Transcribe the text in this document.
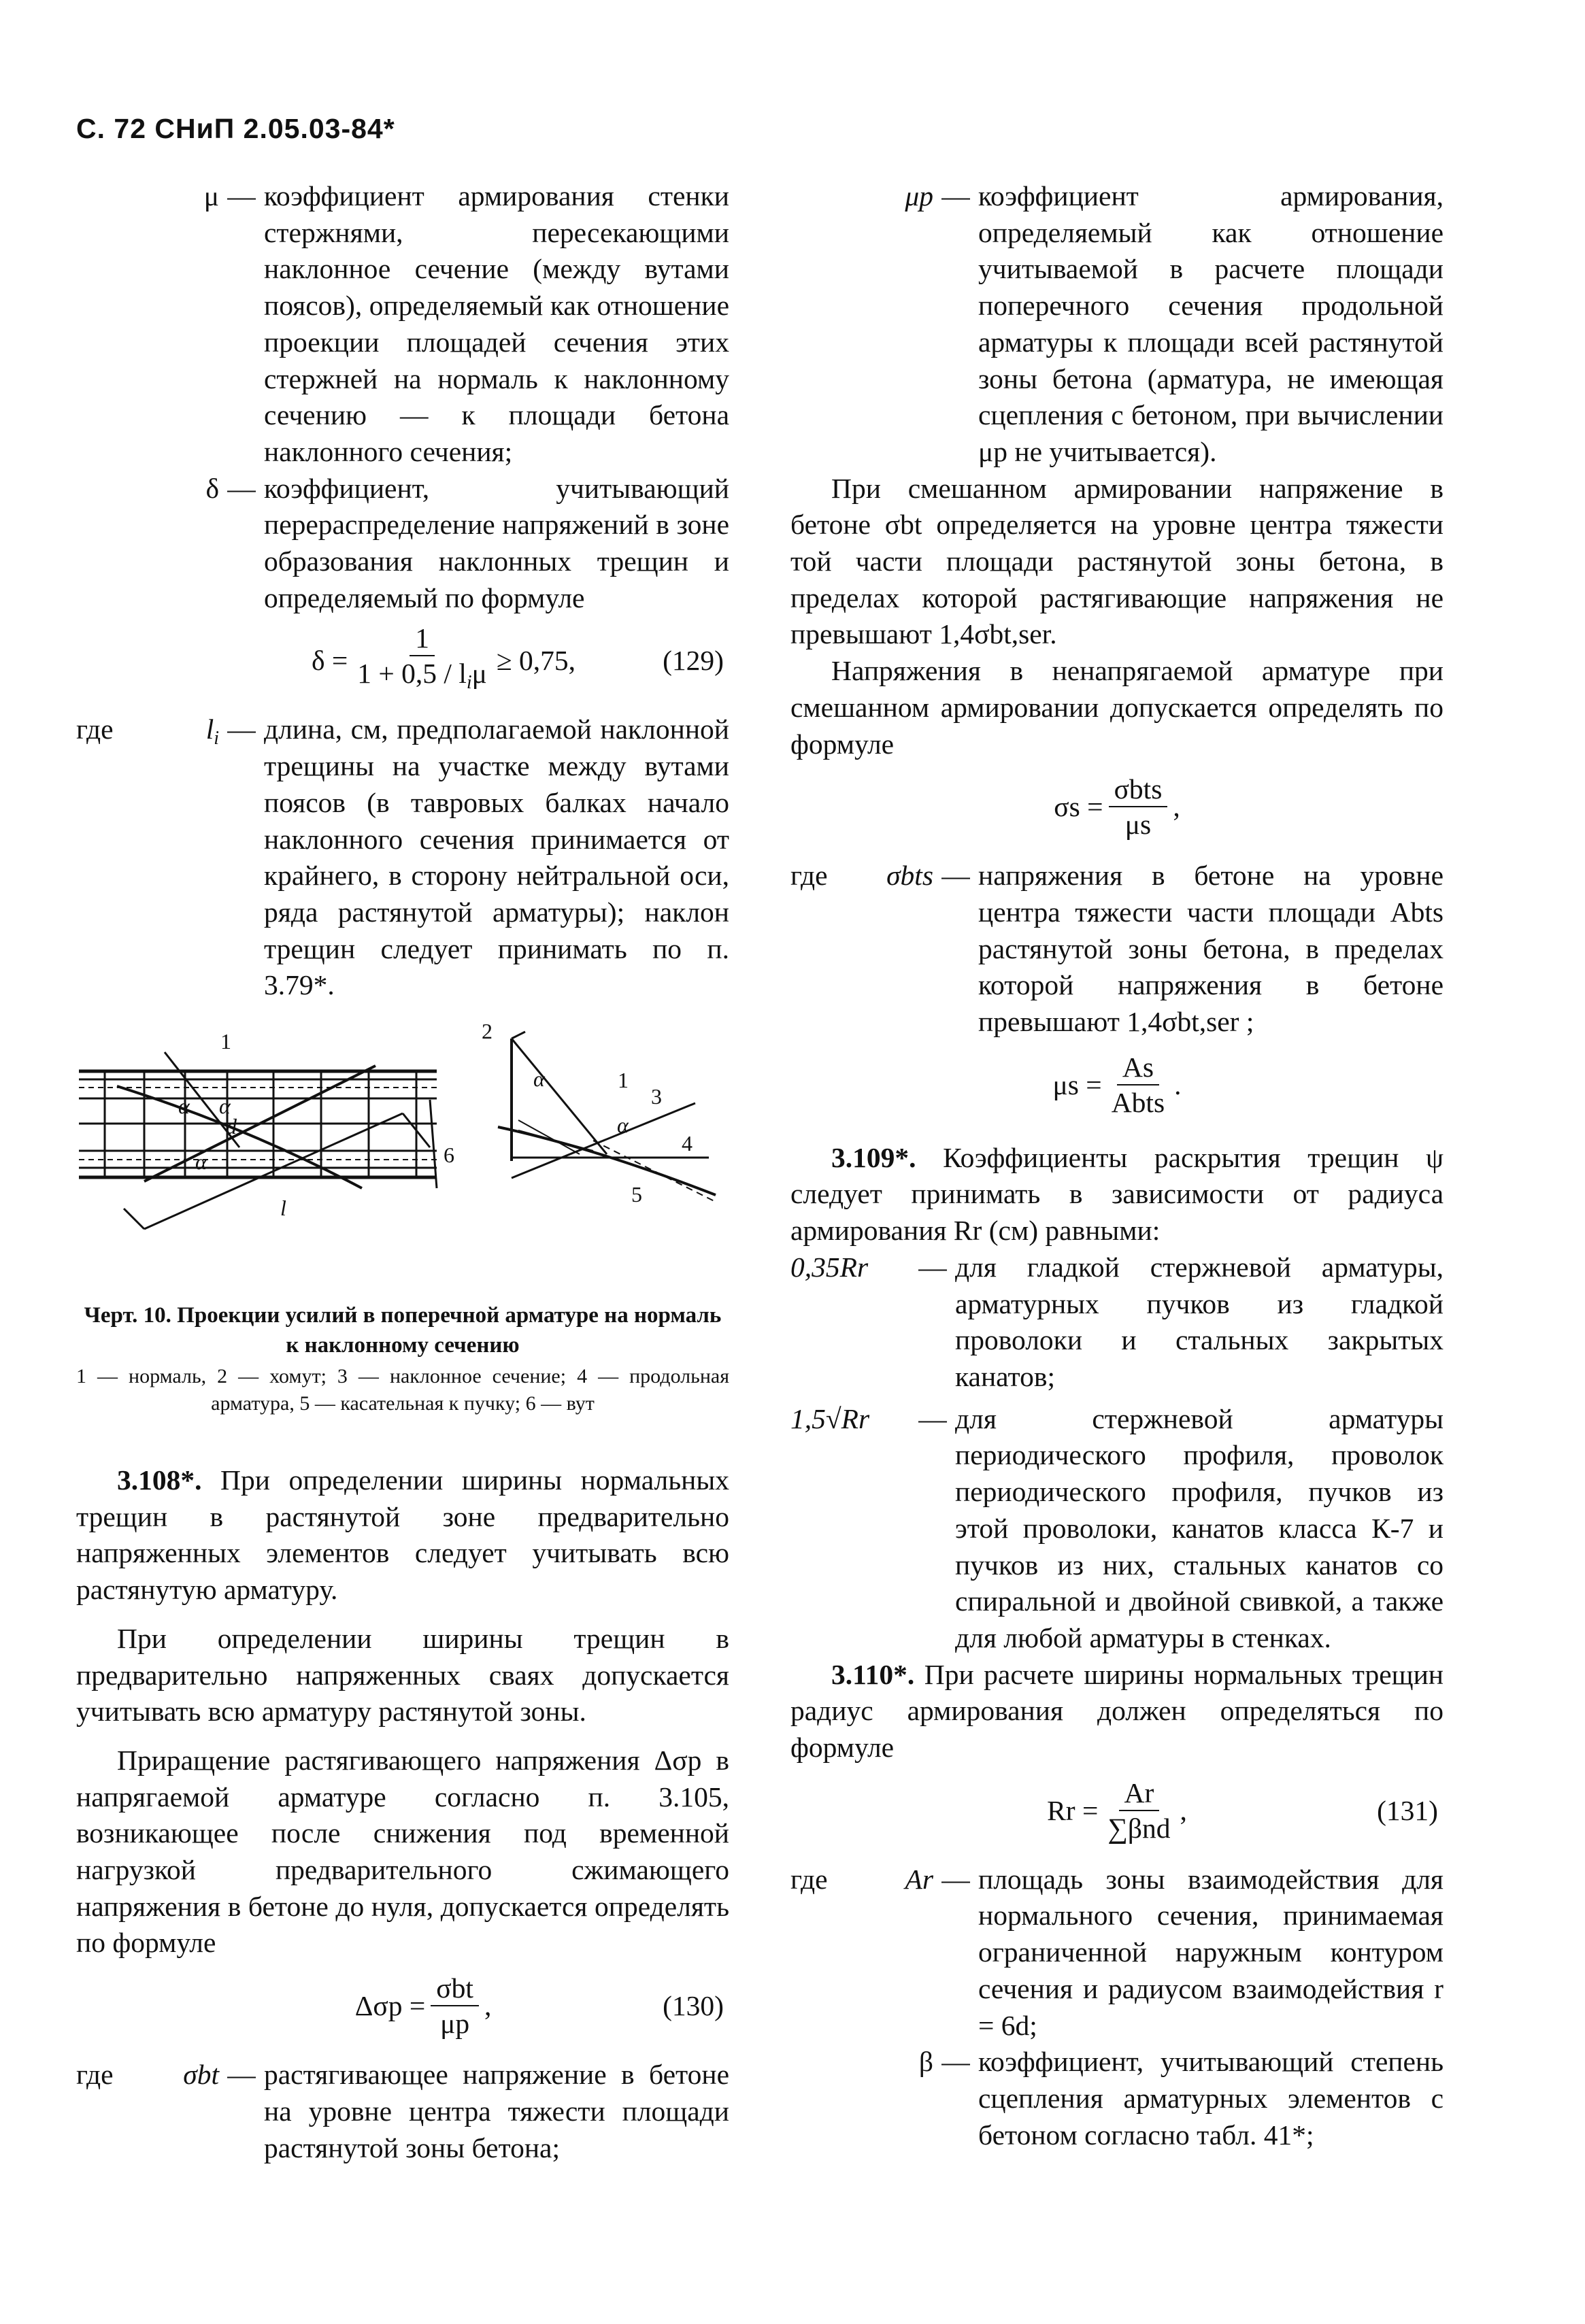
С. 72 СНиП 2.05.03-84*
μ — коэффициент армирования стенки стержнями, пересекающими наклонное сечение (между вутами поясов), определяемый как отношение проекции площадей сечения этих стержней на нормаль к наклонному сечению — к площади бетона наклонного сечения;
δ — коэффициент, учитывающий перераспределение напряжений в зоне образования наклонных трещин и определяемый по формуле
$\delta = \frac{1}{1 + 0,5 / l_i\mu} \ge 0,75$,	(129)
где	$l_i$ — длина, см, предполагаемой наклонной трещины на участке между вутами поясов (в тавровых балках начало наклонного сечения принимается от крайнего, в сторону нейтральной оси, ряда растянутой арматуры); наклон трещин следует принимать по п. 3.79*.
1	2
1
3
4
5
6
α α
α
d
l
α
α
Черт. 10. Проекции усилий в поперечной арматуре на нормаль к наклонному сечению
1 — нормаль, 2 — хомут; 3 — наклонное сечение; 4 — продольная арматура, 5 — касательная к пучку; 6 — вут

3.108*. При определении ширины нормальных трещин в растянутой зоне предварительно напряженных элементов следует учитывать всю растянутую арматуру.

При определении ширины трещин в предварительно напряженных сваях допускается учитывать всю арматуру растянутой зоны.

Приращение растягивающего напряжения Δσp в напрягаемой арматуре согласно п. 3.105, возникающее после снижения под временной нагрузкой предварительного сжимающего напряжения в бетоне до нуля, допускается определять по формуле

$\Delta\sigma p = \frac{\text{σbt}}{\mu p}$ ,	(130)
где	σbt — растягивающее напряжение в бетоне на уровне центра тяжести площади растянутой зоны бетона;
μp — коэффициент армирования, определяемый как отношение учитываемой в расчете площади поперечного сечения продольной арматуры к площади всей растянутой зоны бетона (арматура, не имеющая сцепления с бетоном, при вычислении μp не учитывается).

При смешанном армировании напряжение в бетоне σbt определяется на уровне центра тяжести той части площади растянутой зоны бетона, в пределах которой растягивающие напряжения не превышают 1,4σbt,ser.

Напряжения в ненапрягаемой арматуре при смешанном армировании допускается определять по формуле

$\sigma s = \frac{\text{σbts}}{\mu s}$ ,
где	σbts — напряжения в бетоне на уровне центра тяжести части площади Abts растянутой зоны бетона, в пределах которой напряжения в бетоне превышают 1,4σbt,ser ;
$\mu s = \frac{As}{\text{Abts}}$ .

3.109*. Коэффициенты раскрытия трещин ψ следует принимать в зависимости от радиуса армирования Rr (см) равными:

0,35Rr	— для гладкой стержневой арматуры, арматурных пучков из гладкой проволоки и стальных закрытых канатов;
1,5√Rr	— для стержневой арматуры периодического профиля, проволок периодического профиля, пучков из этой проволоки, канатов класса К-7 и пучков из них, стальных канатов со спиральной и двойной свивкой, а также для любой арматуры в стенках.

3.110*. При расчете ширины нормальных трещин радиус армирования должен определяться по формуле

$Rr = \frac{Ar}{\text{∑βnd}}$ ,	(131)
где	Ar — площадь зоны взаимодействия для нормального сечения, принимаемая ограниченной наружным контуром сечения и радиусом взаимодействия r = 6d;
β — коэффициент, учитывающий степень сцепления арматурных элементов с бетоном согласно табл. 41*;
